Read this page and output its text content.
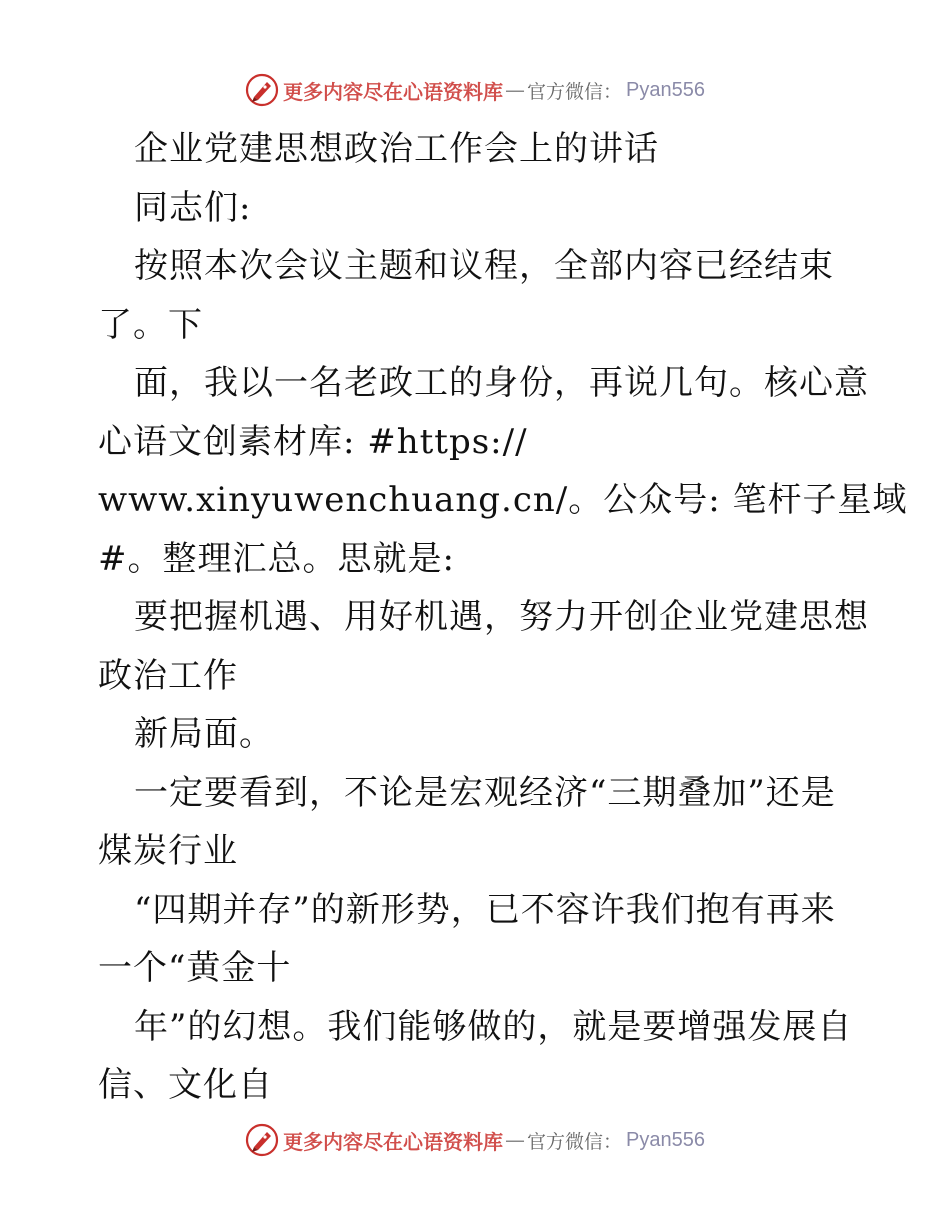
更多内容尽在心语资料库 — 官方微信： Pyan556
企业党建思想政治工作会上的讲话
同志们:
按照本次会议主题和议程，全部内容已经结束
了。下
面，我以一名老政工的身份，再说几句。核心意
心语文创素材库: #https://
www.xinyuwenchuang.cn/。公众号: 笔杆子星域
#。整理汇总。思就是:
要把握机遇、用好机遇，努力开创企业党建思想
政治工作
新局面。
一定要看到，不论是宏观经济“三期叠加”还是
煤炭行业
“四期并存”的新形势，已不容许我们抱有再来
一个“黄金十
年”的幻想。我们能够做的，就是要增强发展自
信、文化自
更多内容尽在心语资料库 — 官方微信： Pyan556
